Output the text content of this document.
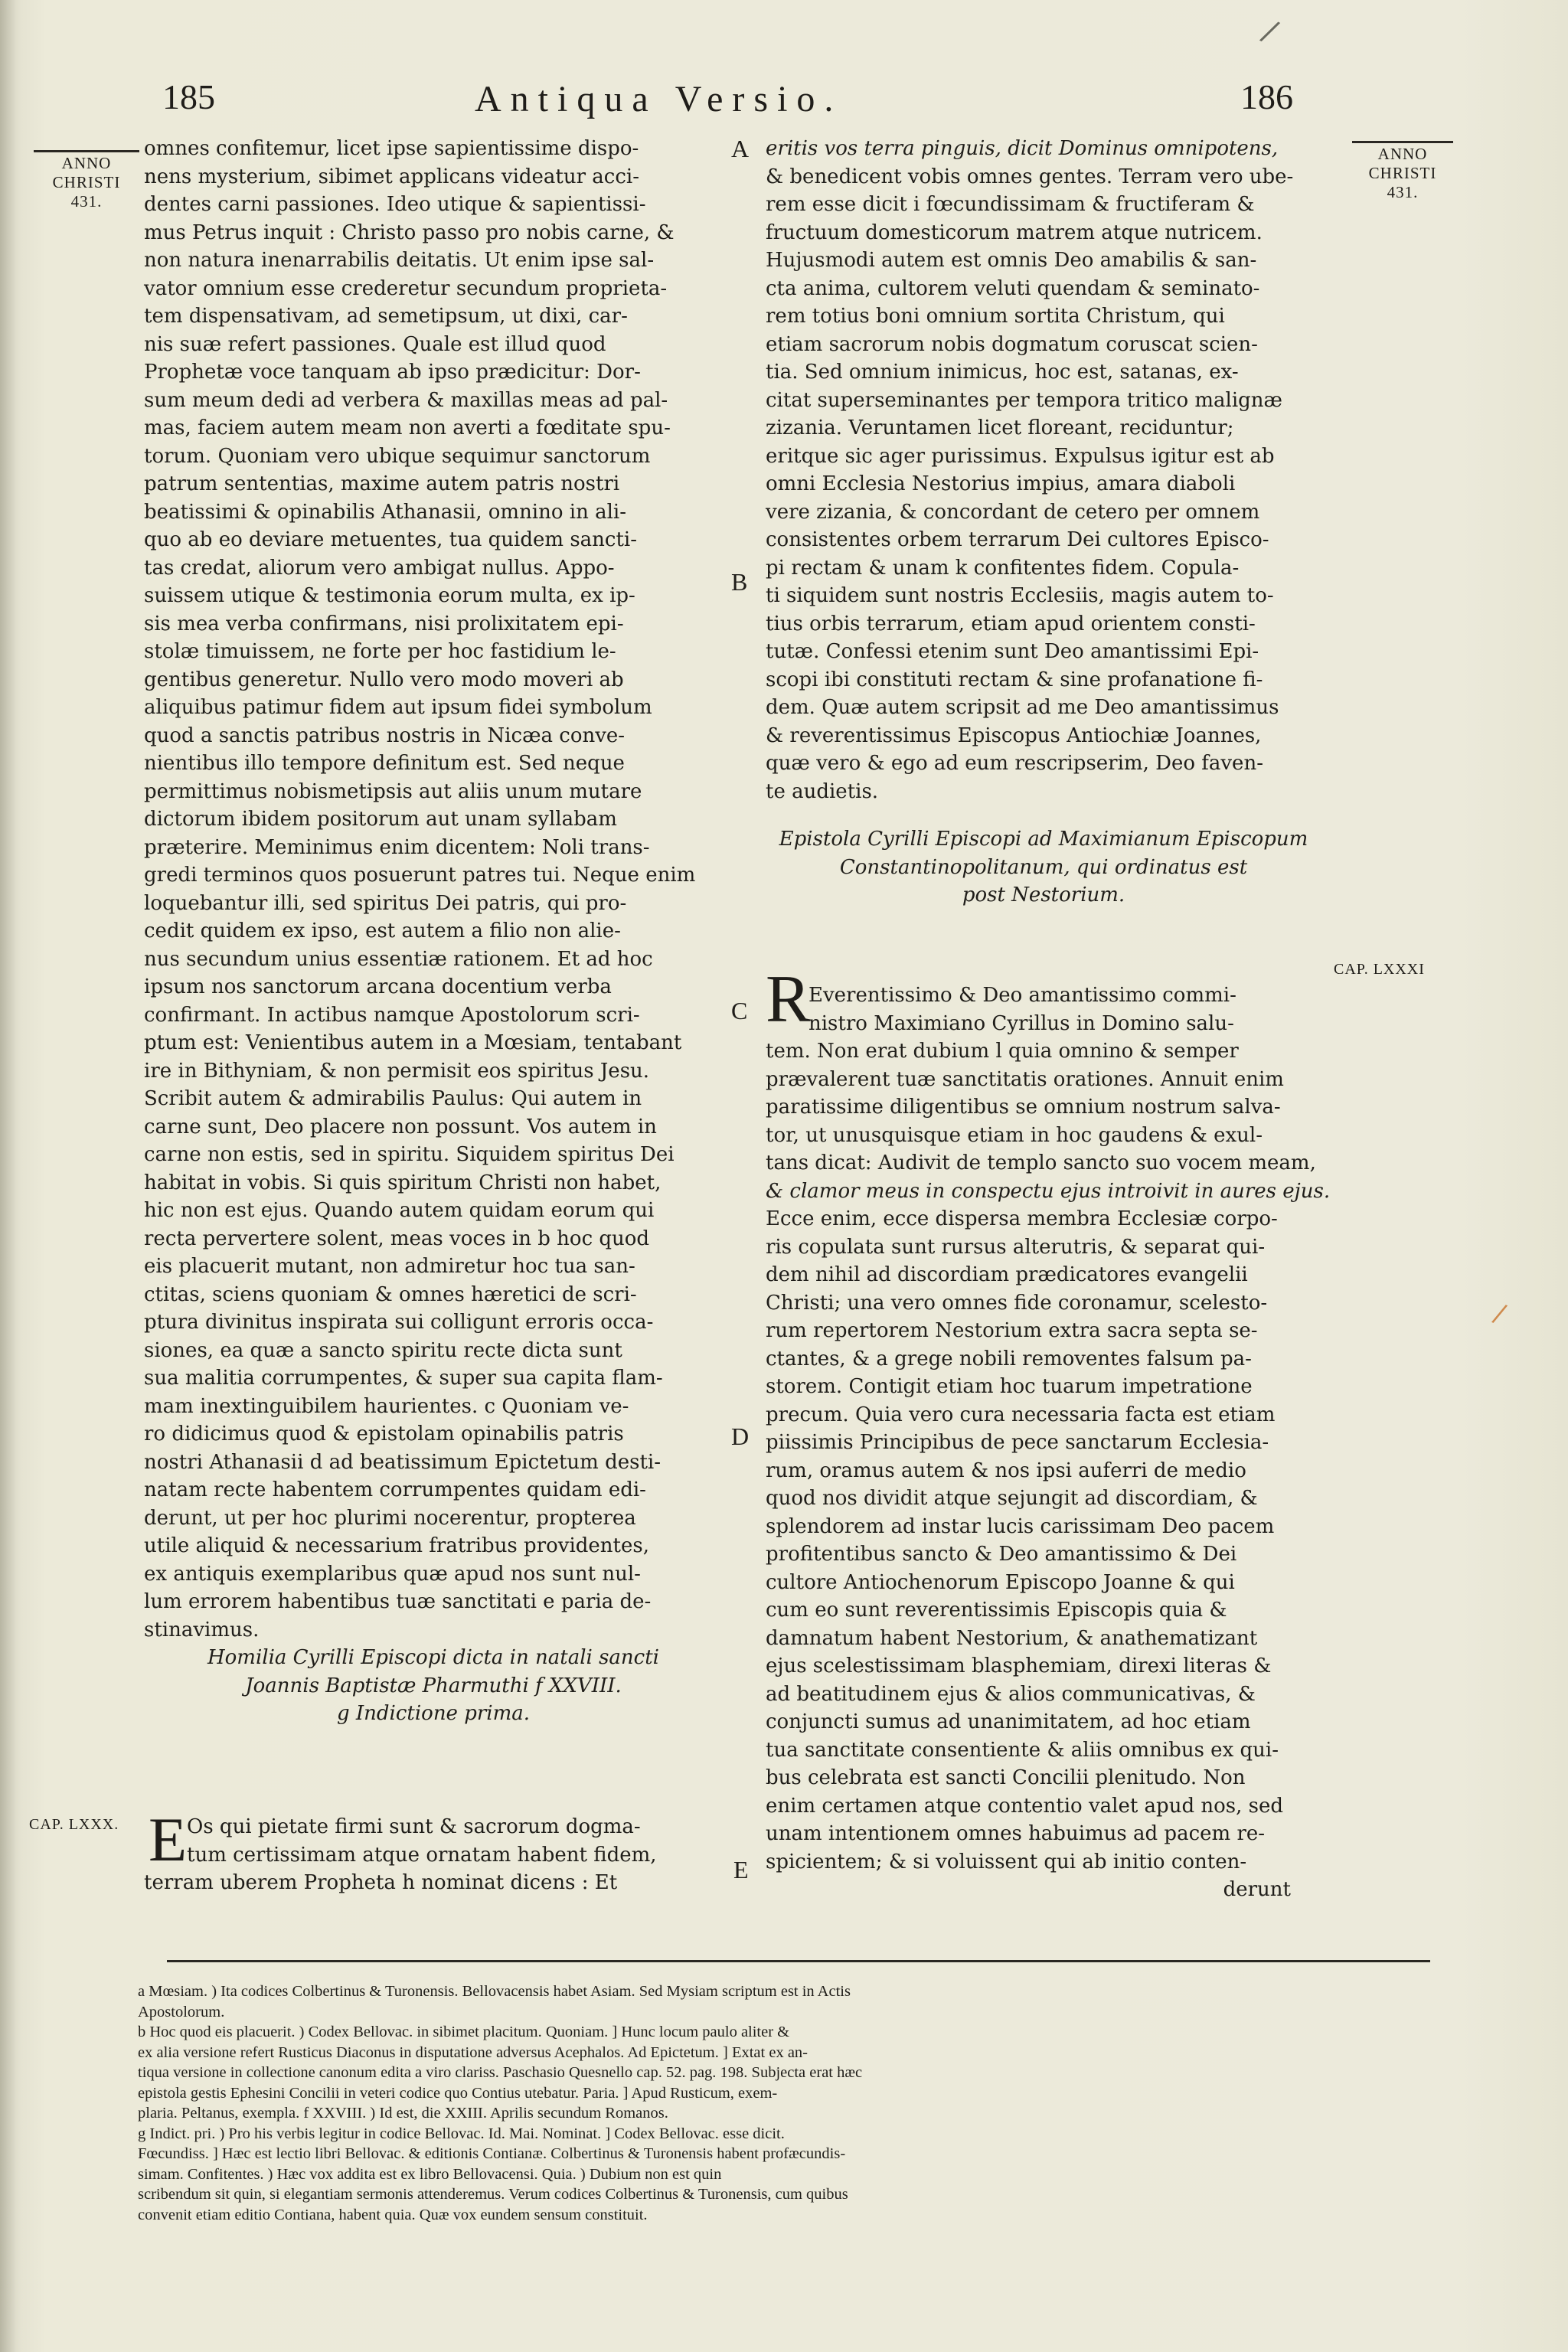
/
/
185	Antiqua Versio.	186
ANNO
CHRISTI
431.
ANNO
CHRISTI
431.
CAP. LXXX.
CAP. LXXXI
A
B
C
D
E
omnes confitemur, licet ipse sapientissime dispo-
nens mysterium, sibimet applicans videatur acci-
dentes carni passiones. Ideo utique & sapientissi-
mus Petrus inquit : Christo passo pro nobis carne, &
non natura inenarrabilis deitatis. Ut enim ipse sal-
vator omnium esse crederetur secundum proprieta-
tem dispensativam, ad semetipsum, ut dixi, car-
nis suæ refert passiones. Quale est illud quod
Prophetæ voce tanquam ab ipso prædicitur: Dor-
sum meum dedi ad verbera & maxillas meas ad pal-
mas, faciem autem meam non averti a fœditate spu-
torum. Quoniam vero ubique sequimur sanctorum
patrum sententias, maxime autem patris nostri
beatissimi & opinabilis Athanasii, omnino in ali-
quo ab eo deviare metuentes, tua quidem sancti-
tas credat, aliorum vero ambigat nullus. Appo-
suissem utique & testimonia eorum multa, ex ip-
sis mea verba confirmans, nisi prolixitatem epi-
stolæ timuissem, ne forte per hoc fastidium le-
gentibus generetur. Nullo vero modo moveri ab
aliquibus patimur fidem aut ipsum fidei symbolum
quod a sanctis patribus nostris in Nicæa conve-
nientibus illo tempore definitum est. Sed neque
permittimus nobismetipsis aut aliis unum mutare
dictorum ibidem positorum aut unam syllabam
præterire. Meminimus enim dicentem: Noli trans-
gredi terminos quos posuerunt patres tui. Neque enim
loquebantur illi, sed spiritus Dei patris, qui pro-
cedit quidem ex ipso, est autem a filio non alie-
nus secundum unius essentiæ rationem. Et ad hoc
ipsum nos sanctorum arcana docentium verba
confirmant. In actibus namque Apostolorum scri-
ptum est: Venientibus autem in a Mœsiam, tentabant
ire in Bithyniam, & non permisit eos spiritus Jesu.
Scribit autem & admirabilis Paulus: Qui autem in
carne sunt, Deo placere non possunt. Vos autem in
carne non estis, sed in spiritu. Siquidem spiritus Dei
habitat in vobis. Si quis spiritum Christi non habet,
hic non est ejus. Quando autem quidam eorum qui
recta pervertere solent, meas voces in b hoc quod
eis placuerit mutant, non admiretur hoc tua san-
ctitas, sciens quoniam & omnes hæretici de scri-
ptura divinitus inspirata sui colligunt erroris occa-
siones, ea quæ a sancto spiritu recte dicta sunt
sua malitia corrumpentes, & super sua capita flam-
mam inextinguibilem haurientes. c Quoniam ve-
ro didicimus quod & epistolam opinabilis patris
nostri Athanasii d ad beatissimum Epictetum desti-
natam recte habentem corrumpentes quidam edi-
derunt, ut per hoc plurimi nocerentur, propterea
utile aliquid & necessarium fratribus providentes,
ex antiquis exemplaribus quæ apud nos sunt nul-
lum errorem habentibus tuæ sanctitati e paria de-
stinavimus.
Homilia Cyrilli Episcopi dicta in natali sancti
Joannis Baptistæ Pharmuthi f XXVIII.
g Indictione prima.
E Os qui pietate firmi sunt & sacrorum dogma-
tum certissimam atque ornatam habent fidem,
terram uberem Propheta h nominat dicens : Et
eritis vos terra pinguis, dicit Dominus omnipotens,
& benedicent vobis omnes gentes. Terram vero ube-
rem esse dicit i fœcundissimam & fructiferam &
fructuum domesticorum matrem atque nutricem.
Hujusmodi autem est omnis Deo amabilis & san-
cta anima, cultorem veluti quendam & seminato-
rem totius boni omnium sortita Christum, qui
etiam sacrorum nobis dogmatum coruscat scien-
tia. Sed omnium inimicus, hoc est, satanas, ex-
citat superseminantes per tempora tritico malignæ
zizania. Veruntamen licet floreant, reciduntur;
eritque sic ager purissimus. Expulsus igitur est ab
omni Ecclesia Nestorius impius, amara diaboli
vere zizania, & concordant de cetero per omnem
consistentes orbem terrarum Dei cultores Episco-
pi rectam & unam k confitentes fidem. Copula-
ti siquidem sunt nostris Ecclesiis, magis autem to-
tius orbis terrarum, etiam apud orientem consti-
tutæ. Confessi etenim sunt Deo amantissimi Epi-
scopi ibi constituti rectam & sine profanatione fi-
dem. Quæ autem scripsit ad me Deo amantissimus
& reverentissimus Episcopus Antiochiæ Joannes,
quæ vero & ego ad eum rescripserim, Deo faven-
te audietis.
Epistola Cyrilli Episcopi ad Maximianum Episcopum
Constantinopolitanum, qui ordinatus est
post Nestorium.
R
Everentissimo & Deo amantissimo commi-
nistro Maximiano Cyrillus in Domino salu-
tem. Non erat dubium l quia omnino & semper
prævalerent tuæ sanctitatis orationes. Annuit enim
paratissime diligentibus se omnium nostrum salva-
tor, ut unusquisque etiam in hoc gaudens & exul-
tans dicat: Audivit de templo sancto suo vocem meam,
& clamor meus in conspectu ejus introivit in aures ejus.
Ecce enim, ecce dispersa membra Ecclesiæ corpo-
ris copulata sunt rursus alterutris, & separat qui-
dem nihil ad discordiam prædicatores evangelii
Christi; una vero omnes fide coronamur, scelesto-
rum repertorem Nestorium extra sacra septa se-
ctantes, & a grege nobili removentes falsum pa-
storem. Contigit etiam hoc tuarum impetratione
precum. Quia vero cura necessaria facta est etiam
piissimis Principibus de pece sanctarum Ecclesia-
rum, oramus autem & nos ipsi auferri de medio
quod nos dividit atque sejungit ad discordiam, &
splendorem ad instar lucis carissimam Deo pacem
profitentibus sancto & Deo amantissimo & Dei
cultore Antiochenorum Episcopo Joanne & qui
cum eo sunt reverentissimis Episcopis quia &
damnatum habent Nestorium, & anathematizant
ejus scelestissimam blasphemiam, direxi literas &
ad beatitudinem ejus & alios communicativas, &
conjuncti sumus ad unanimitatem, ad hoc etiam
tua sanctitate consentiente & aliis omnibus ex qui-
bus celebrata est sancti Concilii plenitudo. Non
enim certamen atque contentio valet apud nos, sed
unam intentionem omnes habuimus ad pacem re-
spicientem; & si voluissent qui ab initio conten-
derunt
a Mœsiam. ) Ita codices Colbertinus & Turonensis. Bellovacensis habet Asiam. Sed Mysiam scriptum est in Actis
Apostolorum.
b Hoc quod eis placuerit. ) Codex Bellovac. in sibimet placitum. Quoniam. ] Hunc locum paulo aliter &
ex alia versione refert Rusticus Diaconus in disputatione adversus Acephalos. Ad Epictetum. ] Extat ex an-
tiqua versione in collectione canonum edita a viro clariss. Paschasio Quesnello cap. 52. pag. 198. Subjecta erat hæc
epistola gestis Ephesini Concilii in veteri codice quo Contius utebatur. Paria. ] Apud Rusticum, exem-
plaria. Peltanus, exempla. f XXVIII. ) Id est, die XXIII. Aprilis secundum Romanos.
g Indict. pri. ) Pro his verbis legitur in codice Bellovac. Id. Mai. Nominat. ] Codex Bellovac. esse dicit.
Fœcundiss. ] Hæc est lectio libri Bellovac. & editionis Contianæ. Colbertinus & Turonensis habent profæcundis-
simam. Confitentes. ) Hæc vox addita est ex libro Bellovacensi. Quia. ) Dubium non est quin
scribendum sit quin, si elegantiam sermonis attenderemus. Verum codices Colbertinus & Turonensis, cum quibus
convenit etiam editio Contiana, habent quia. Quæ vox eundem sensum constituit.
